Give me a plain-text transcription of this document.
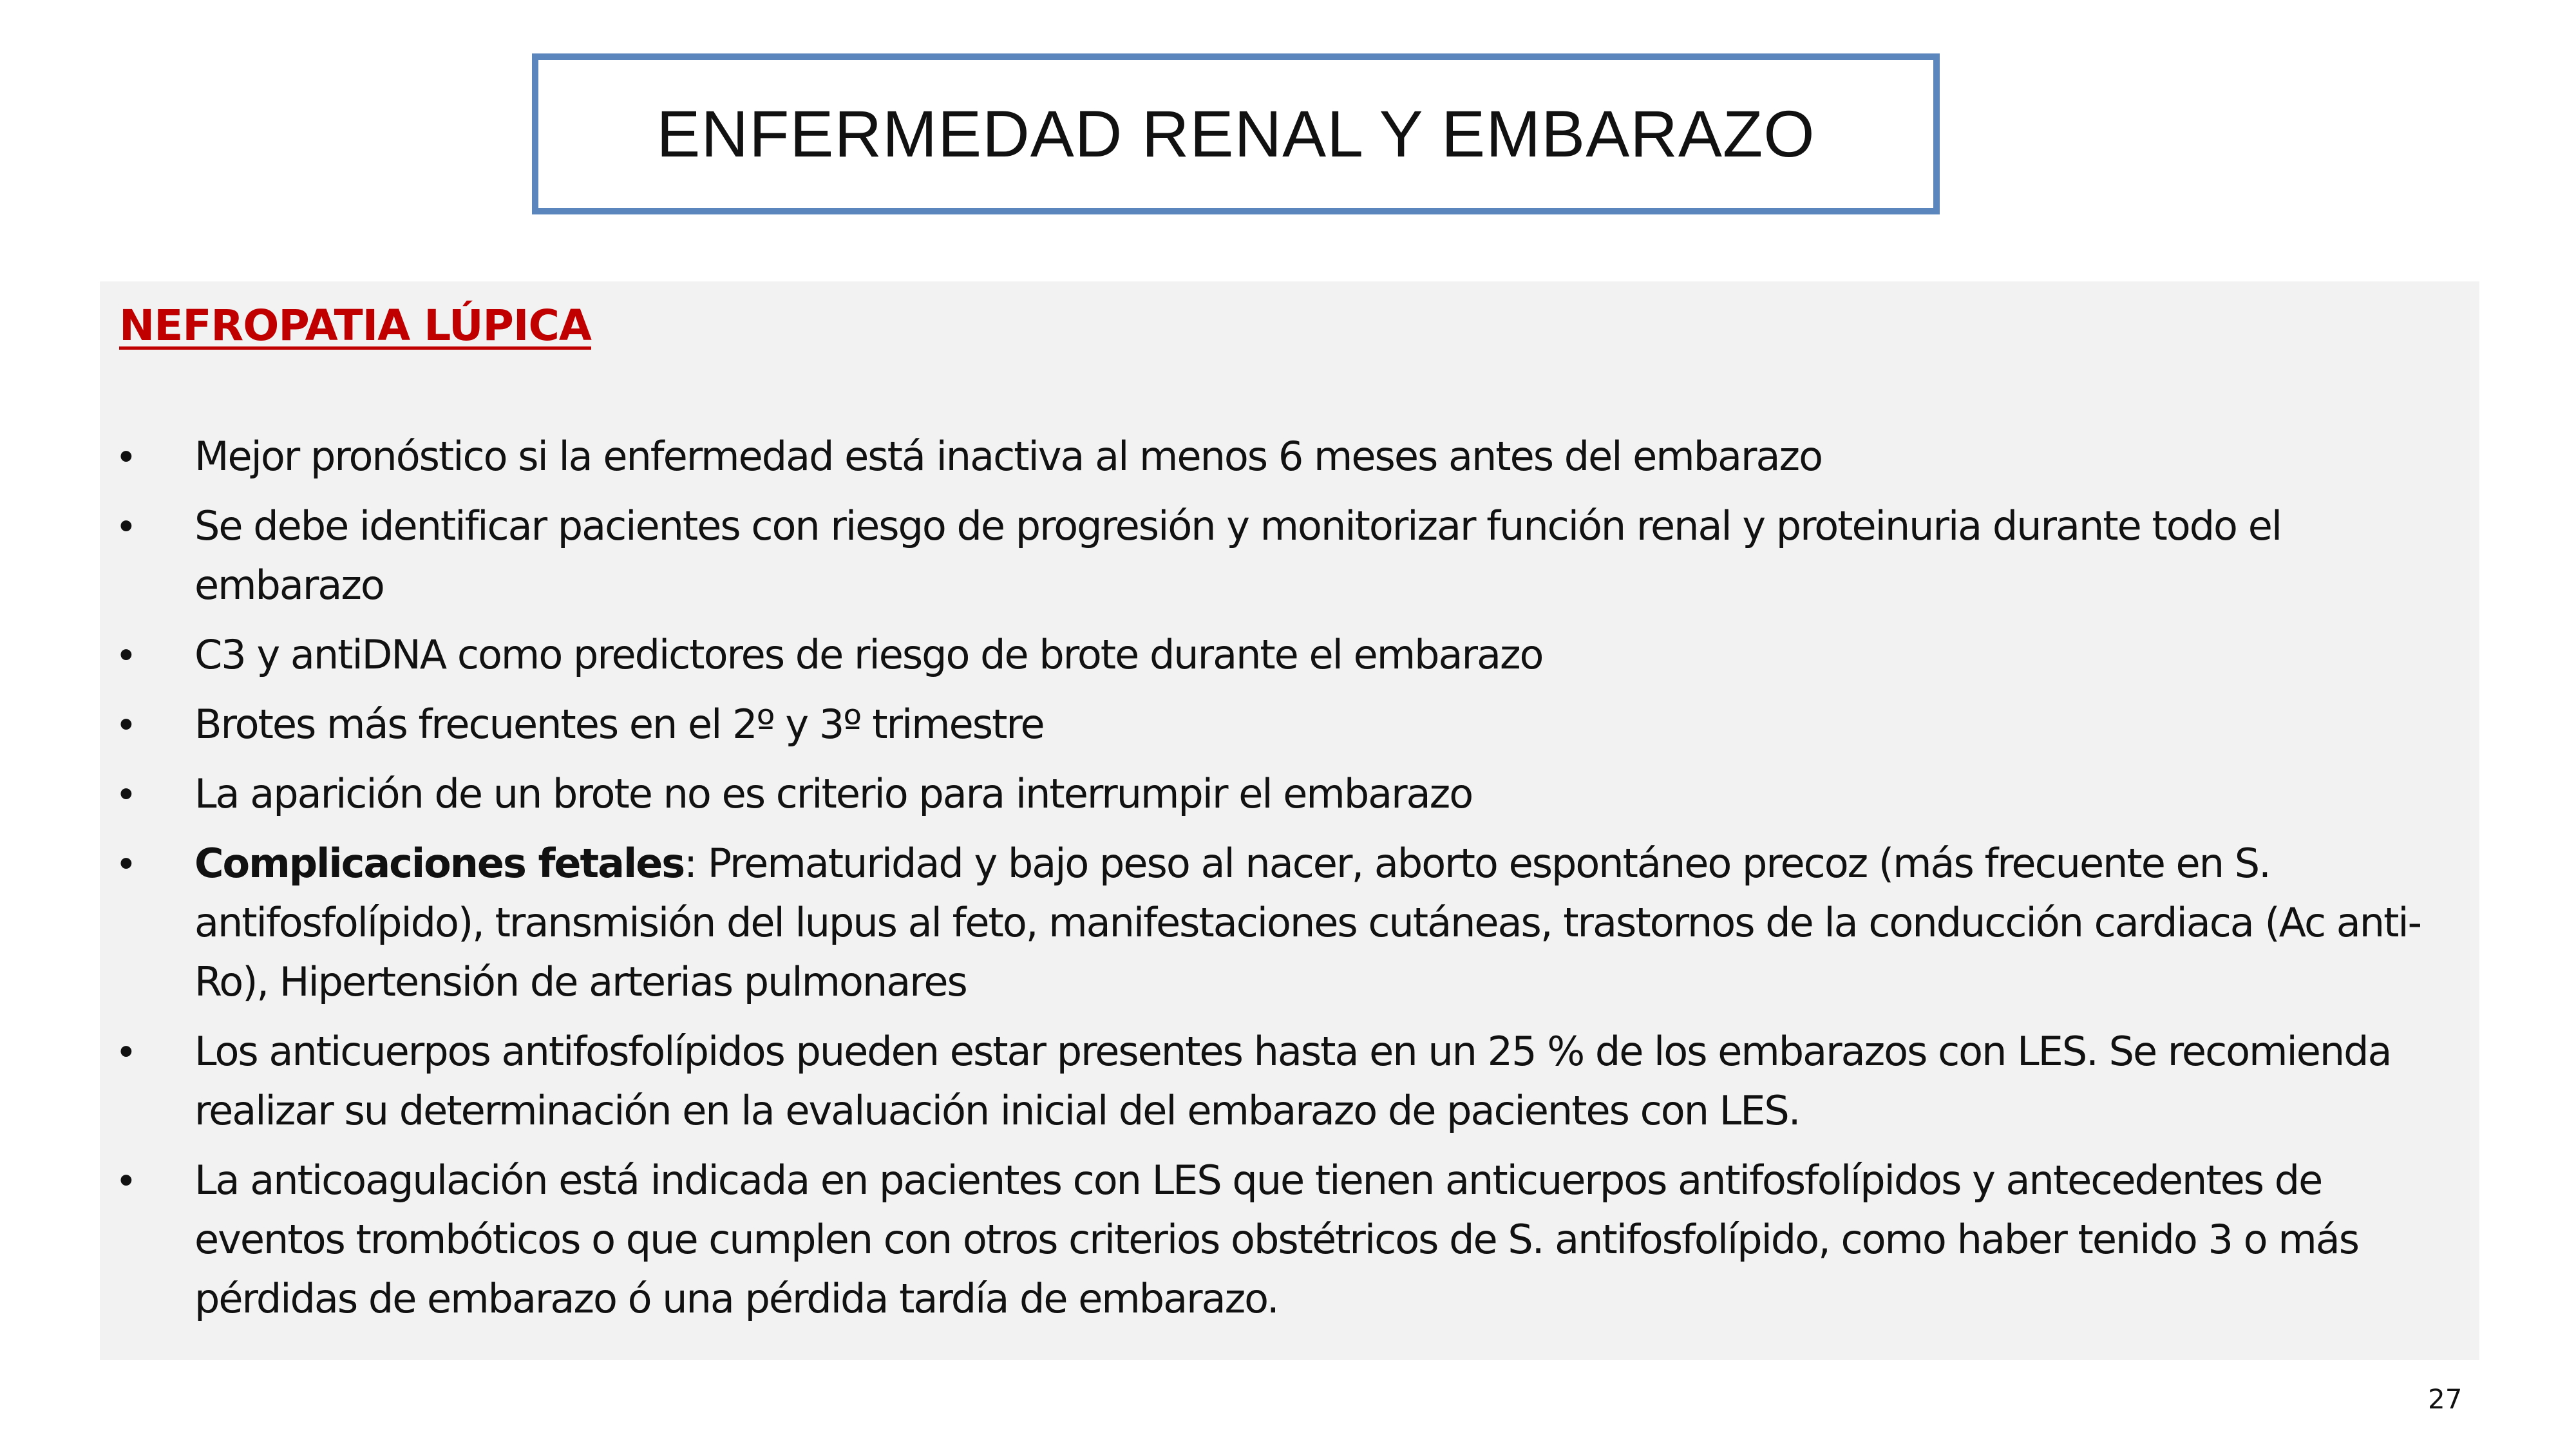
ENFERMEDAD RENAL Y EMBARAZO
NEFROPATIA LÚPICA
•	Mejor pronóstico si la enfermedad está inactiva al menos 6 meses antes del embarazo
•	Se debe identificar pacientes con riesgo de progresión y monitorizar función renal y proteinuria durante todo el embarazo
•	C3 y antiDNA como predictores de riesgo de brote durante el embarazo
•	Brotes más frecuentes en el 2º y 3º trimestre
•	La aparición de un brote no es criterio para interrumpir el embarazo
•	Complicaciones fetales: Prematuridad y bajo peso al nacer, aborto espontáneo precoz (más frecuente en S. antifosfolípido), transmisión del lupus al feto, manifestaciones cutáneas, trastornos de la conducción cardiaca (Ac anti-Ro), Hipertensión de arterias pulmonares
•	Los anticuerpos antifosfolípidos pueden estar presentes hasta en un 25 % de los embarazos con LES. Se recomienda realizar su determinación en la evaluación inicial del embarazo de pacientes con LES.
•	La anticoagulación está indicada en pacientes con LES que tienen anticuerpos antifosfolípidos y antecedentes de eventos trombóticos o que cumplen con otros criterios obstétricos de S. antifosfolípido, como haber tenido 3 o más pérdidas de embarazo ó una pérdida tardía de embarazo.
27
